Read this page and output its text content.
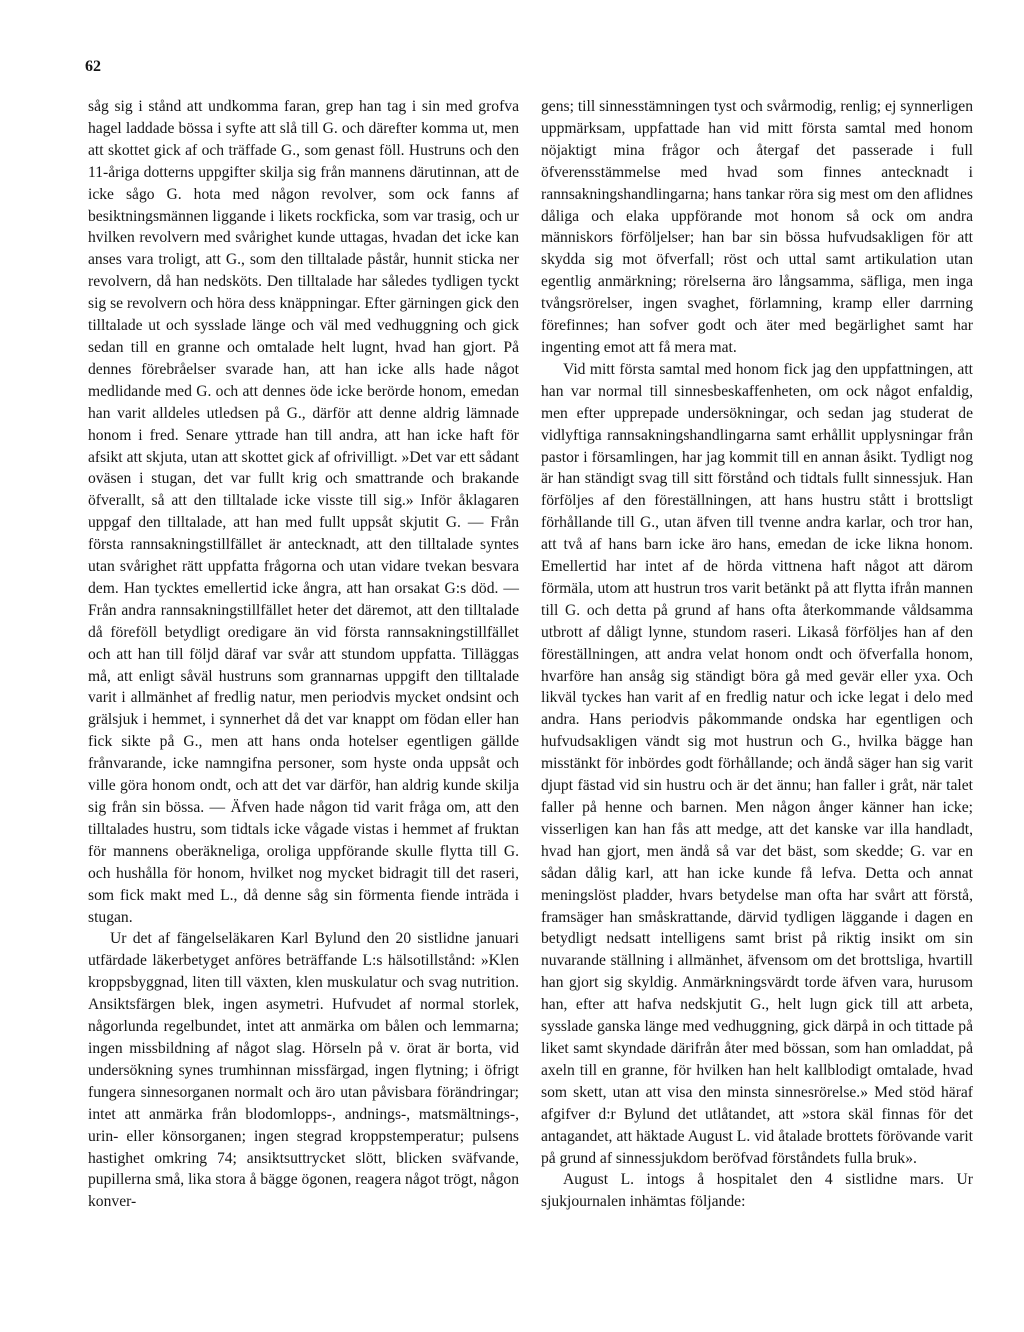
62

såg sig i stånd att undkomma faran, grep han tag i sin med grofva hagel laddade bössa i syfte att slå till G. och därefter komma ut, men att skottet gick af och träffade G., som genast föll. Hustruns och den 11-åriga dotterns uppgifter skilja sig från mannens därutinnan, att de icke sågo G. hota med någon revolver, som ock fanns af besiktningsmännen liggande i likets rockficka, som var trasig, och ur hvilken revolvern med svårighet kunde uttagas, hvadan det icke kan anses vara troligt, att G., som den tilltalade påstår, hunnit sticka ner revolvern, då han nedsköts. Den tilltalade har således tydligen tyckt sig se revolvern och höra dess knäppningar. Efter gärningen gick den tilltalade ut och sysslade länge och väl med vedhuggning och gick sedan till en granne och omtalade helt lugnt, hvad han gjort. På dennes förebråelser svarade han, att han icke alls hade något medlidande med G. och att dennes öde icke berörde honom, emedan han varit alldeles utledsen på G., därför att denne aldrig lämnade honom i fred. Senare yttrade han till andra, att han icke haft för afsikt att skjuta, utan att skottet gick af ofrivilligt. »Det var ett sådant oväsen i stugan, det var fullt krig och smattrande och brakande öfverallt, så att den tilltalade icke visste till sig.» Inför åklagaren uppgaf den tilltalade, att han med fullt uppsåt skjutit G. — Från första rannsakningstillfället är antecknadt, att den tilltalade syntes utan svårighet rätt uppfatta frågorna och utan vidare tvekan besvara dem. Han tycktes emellertid icke ångra, att han orsakat G:s död. — Från andra rannsakningstillfället heter det däremot, att den tilltalade då föreföll betydligt oredigare än vid första rannsakningstillfället och att han till följd däraf var svår att stundom uppfatta. Tilläggas må, att enligt såväl hustruns som grannarnas uppgift den tilltalade varit i allmänhet af fredlig natur, men periodvis mycket ondsint och grälsjuk i hemmet, i synnerhet då det var knappt om födan eller han fick sikte på G., men att hans onda hotelser egentligen gällde frånvarande, icke namngifna personer, som hyste onda uppsåt och ville göra honom ondt, och att det var därför, han aldrig kunde skilja sig från sin bössa. — Äfven hade någon tid varit fråga om, att den tilltalades hustru, som tidtals icke vågade vistas i hemmet af fruktan för mannens oberäkneliga, oroliga uppförande skulle flytta till G. och hushålla för honom, hvilket nog mycket bidragit till det raseri, som fick makt med L., då denne såg sin förmenta fiende inträda i stugan.

Ur det af fängelseläkaren Karl Bylund den 20 sistlidne januari utfärdade läkerbetyget anföres beträffande L:s hälsotillstånd: »Klen kroppsbyggnad, liten till växten, klen muskulatur och svag nutrition. Ansiktsfärgen blek, ingen asymetri. Hufvudet af normal storlek, någorlunda regelbundet, intet att anmärka om bålen och lemmarna; ingen missbildning af något slag. Hörseln på v. örat är borta, vid undersökning synes trumhinnan missfärgad, ingen flytning; i öfrigt fungera sinnesorganen normalt och äro utan påvisbara förändringar; intet att anmärka från blodomlopps-, andnings-, matsmältnings-, urin- eller könsorganen; ingen stegrad kroppstemperatur; pulsens hastighet omkring 74; ansiktsuttrycket slött, blicken sväfvande, pupillerna små, lika stora å bägge ögonen, reagera något trögt, någon konver-

gens; till sinnesstämningen tyst och svårmodig, renlig; ej synnerligen uppmärksam, uppfattade han vid mitt första samtal med honom nöjaktigt mina frågor och återgaf det passerade i full öfverensstämmelse med hvad som finnes antecknadt i rannsakningshandlingarna; hans tankar röra sig mest om den aflidnes dåliga och elaka uppförande mot honom så ock om andra människors förföljelser; han bar sin bössa hufvudsakligen för att skydda sig mot öfverfall; röst och uttal samt artikulation utan egentlig anmärkning; rörelserna äro långsamma, säfliga, men inga tvångsrörelser, ingen svaghet, förlamning, kramp eller darrning förefinnes; han sofver godt och äter med begärlighet samt har ingenting emot att få mera mat.

Vid mitt första samtal med honom fick jag den uppfattningen, att han var normal till sinnesbeskaffenheten, om ock något enfaldig, men efter upprepade undersökningar, och sedan jag studerat de vidlyftiga rannsakningshandlingarna samt erhållit upplysningar från pastor i församlingen, har jag kommit till en annan åsikt. Tydligt nog är han ständigt svag till sitt förstånd och tidtals fullt sinnessjuk. Han förföljes af den föreställningen, att hans hustru stått i brottsligt förhållande till G., utan äfven till tvenne andra karlar, och tror han, att två af hans barn icke äro hans, emedan de icke likna honom. Emellertid har intet af de hörda vittnena haft något att därom förmäla, utom att hustrun tros varit betänkt på att flytta ifrån mannen till G. och detta på grund af hans ofta återkommande våldsamma utbrott af dåligt lynne, stundom raseri. Likaså förföljes han af den föreställningen, att andra velat honom ondt och öfverfalla honom, hvarföre han ansåg sig ständigt böra gå med gevär eller yxa. Och likväl tyckes han varit af en fredlig natur och icke legat i delo med andra. Hans periodvis påkommande ondska har egentligen och hufvudsakligen vändt sig mot hustrun och G., hvilka bägge han misstänkt för inbördes godt förhållande; och ändå säger han sig varit djupt fästad vid sin hustru och är det ännu; han faller i gråt, när talet faller på henne och barnen. Men någon ånger känner han icke; visserligen kan han fås att medge, att det kanske var illa handladt, hvad han gjort, men ändå så var det bäst, som skedde; G. var en sådan dålig karl, att han icke kunde få lefva. Detta och annat meningslöst pladder, hvars betydelse man ofta har svårt att förstå, framsäger han småskrattande, därvid tydligen läggande i dagen en betydligt nedsatt intelligens samt brist på riktig insikt om sin nuvarande ställning i allmänhet, äfvensom om det brottsliga, hvartill han gjort sig skyldig. Anmärkningsvärdt torde äfven vara, hurusom han, efter att hafva nedskjutit G., helt lugn gick till att arbeta, sysslade ganska länge med vedhuggning, gick därpå in och tittade på liket samt skyndade därifrån åter med bössan, som han omladdat, på axeln till en granne, för hvilken han helt kallblodigt omtalade, hvad som skett, utan att visa den minsta sinnesrörelse.» Med stöd häraf afgifver d:r Bylund det utlåtandet, att »stora skäl finnas för det antagandet, att häktade August L. vid åtalade brottets förövande varit på grund af sinnessjukdom beröfvad förståndets fulla bruk».

August L. intogs å hospitalet den 4 sistlidne mars. Ur sjukjournalen inhämtas följande:
